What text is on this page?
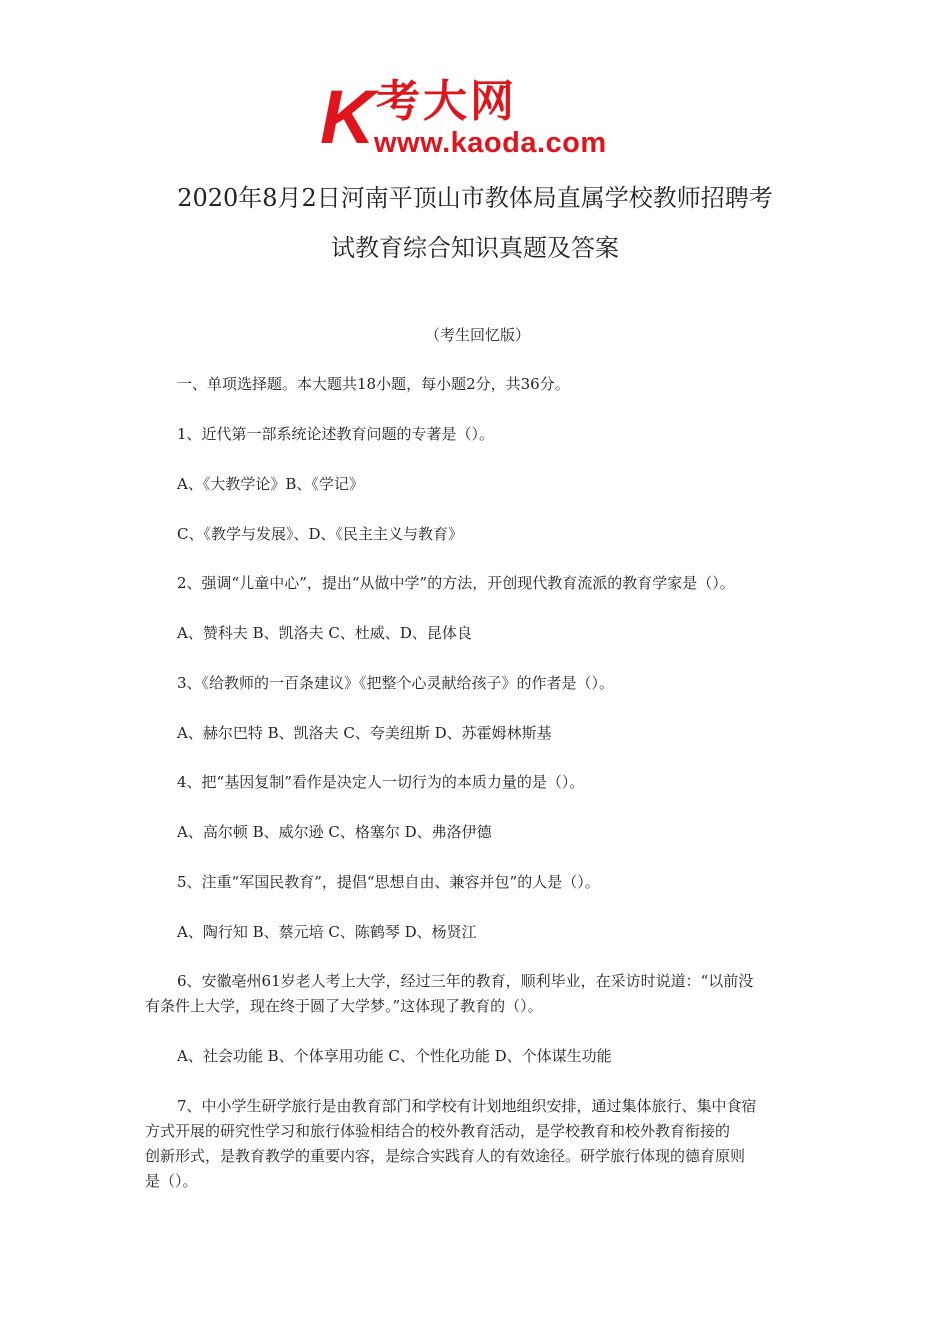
K 考大网
www.kaoda.com
2020年8月2日河南平顶山市教体局直属学校教师招聘考
试教育综合知识真题及答案

（考生回忆版）

一、单项选择题。本大题共18小题，每小题2分，共36分。

1、近代第一部系统论述教育问题的专著是（）。

A、《大教学论》B、《学记》

C、《教学与发展》、D、《民主主义与教育》

2、强调“儿童中心”，提出“从做中学”的方法，开创现代教育流派的教育学家是（）。

A、赞科夫 B、凯洛夫 C、杜威、D、昆体良

3、《给教师的一百条建议》《把整个心灵献给孩子》的作者是（）。

A、赫尔巴特 B、凯洛夫 C、夸美纽斯 D、苏霍姆林斯基

4、把“基因复制”看作是决定人一切行为的本质力量的是（）。

A、高尔顿 B、威尔逊 C、格塞尔 D、弗洛伊德

5、注重“军国民教育”，提倡“思想自由、兼容并包”的人是（）。

A、陶行知 B、蔡元培 C、陈鹤琴 D、杨贤江

6、安徽亳州61岁老人考上大学，经过三年的教育，顺利毕业，在采访时说道：“以前没
有条件上大学，现在终于圆了大学梦。”这体现了教育的（）。

A、社会功能 B、个体享用功能 C、个性化功能 D、个体谋生功能

7、中小学生研学旅行是由教育部门和学校有计划地组织安排，通过集体旅行、集中食宿
方式开展的研究性学习和旅行体验相结合的校外教育活动，是学校教育和校外教育衔接的
创新形式，是教育教学的重要内容，是综合实践育人的有效途径。研学旅行体现的德育原则
是（）。
